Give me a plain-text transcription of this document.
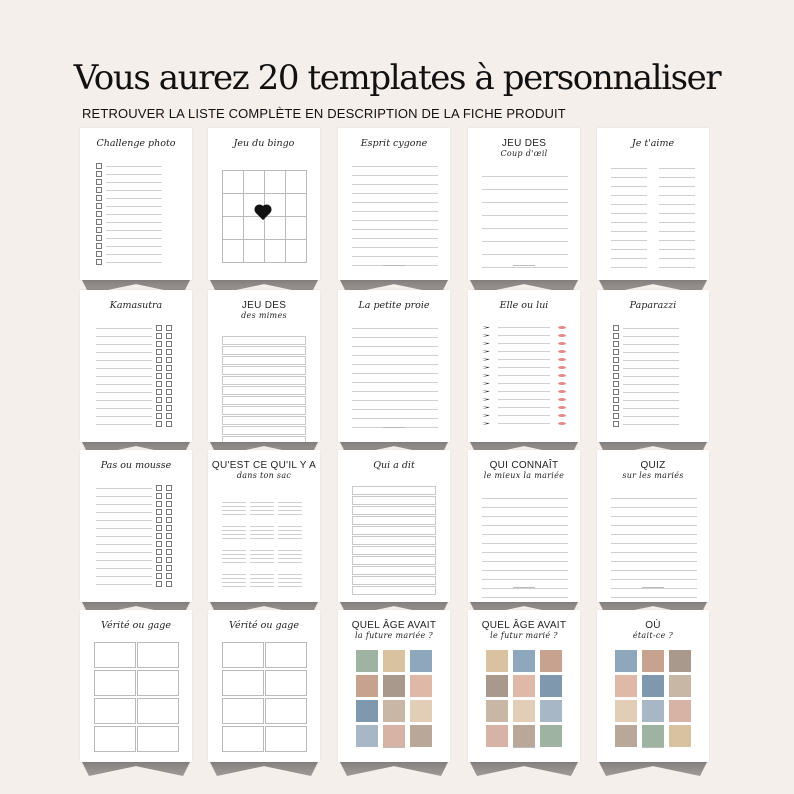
Vous aurez 20 templates à personnaliser
RETROUVER LA LISTE COMPLÈTE EN DESCRIPTION DE LA FICHE PRODUIT
Challenge photo	Jeu du bingo	Esprit cygone	JEU DES
Coup d'œil
Je t'aime
Kamasutra	JEU DES
des mimes
La petite proie	Elle ou lui	Paparazzi
Pas ou mousse	QU'EST CE QU'IL Y A
dans ton sac
Qui a dit	QUI CONNAÎT
le mieux la mariée
QUIZ
sur les mariés
Vérité ou gage	Vérité ou gage	QUEL ÂGE AVAIT
la future mariée ?
QUEL ÂGE AVAIT
le futur marié ?
OÙ
était-ce ?
